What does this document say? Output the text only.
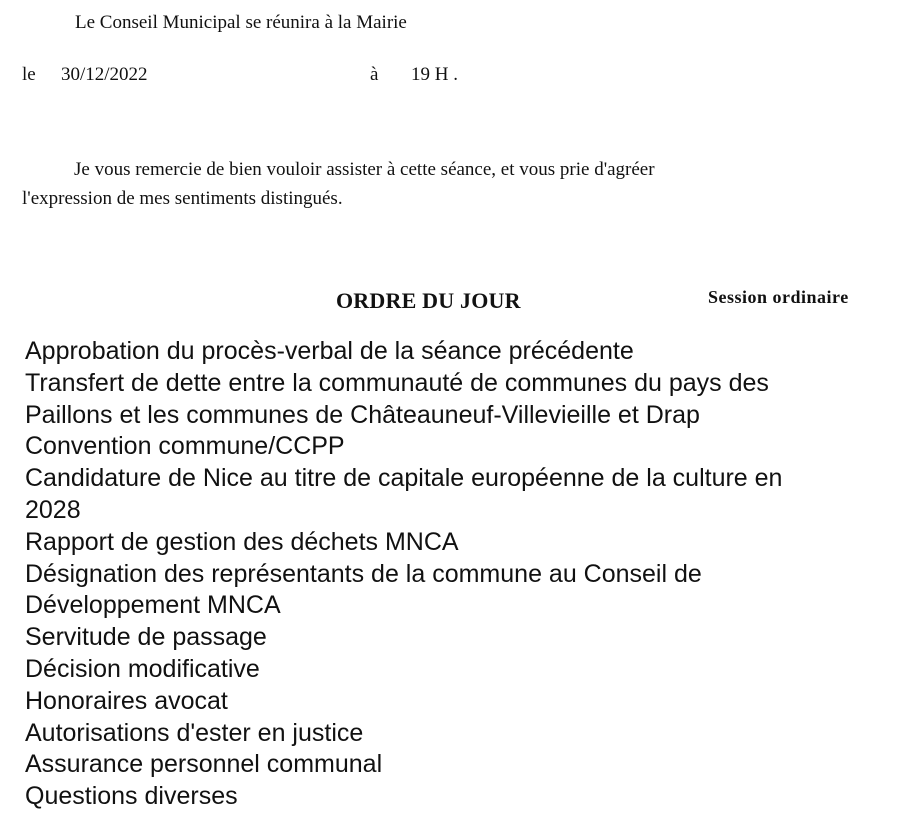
Le Conseil Municipal se réunira à la Mairie
le 30/12/2022	à 19 H .
Je vous remercie de bien vouloir assister à cette séance, et vous prie d'agréer
l'expression de mes sentiments distingués.
ORDRE DU JOUR	Session ordinaire
Approbation du procès-verbal de la séance précédente
Transfert de dette entre la communauté de communes du pays des
Paillons et les communes de Châteauneuf-Villevieille et Drap
Convention commune/CCPP
Candidature de Nice au titre de capitale européenne de la culture en
2028
Rapport de gestion des déchets MNCA
Désignation des représentants de la commune au Conseil de
Développement MNCA
Servitude de passage
Décision modificative
Honoraires avocat
Autorisations d'ester en justice
Assurance personnel communal
Questions diverses
